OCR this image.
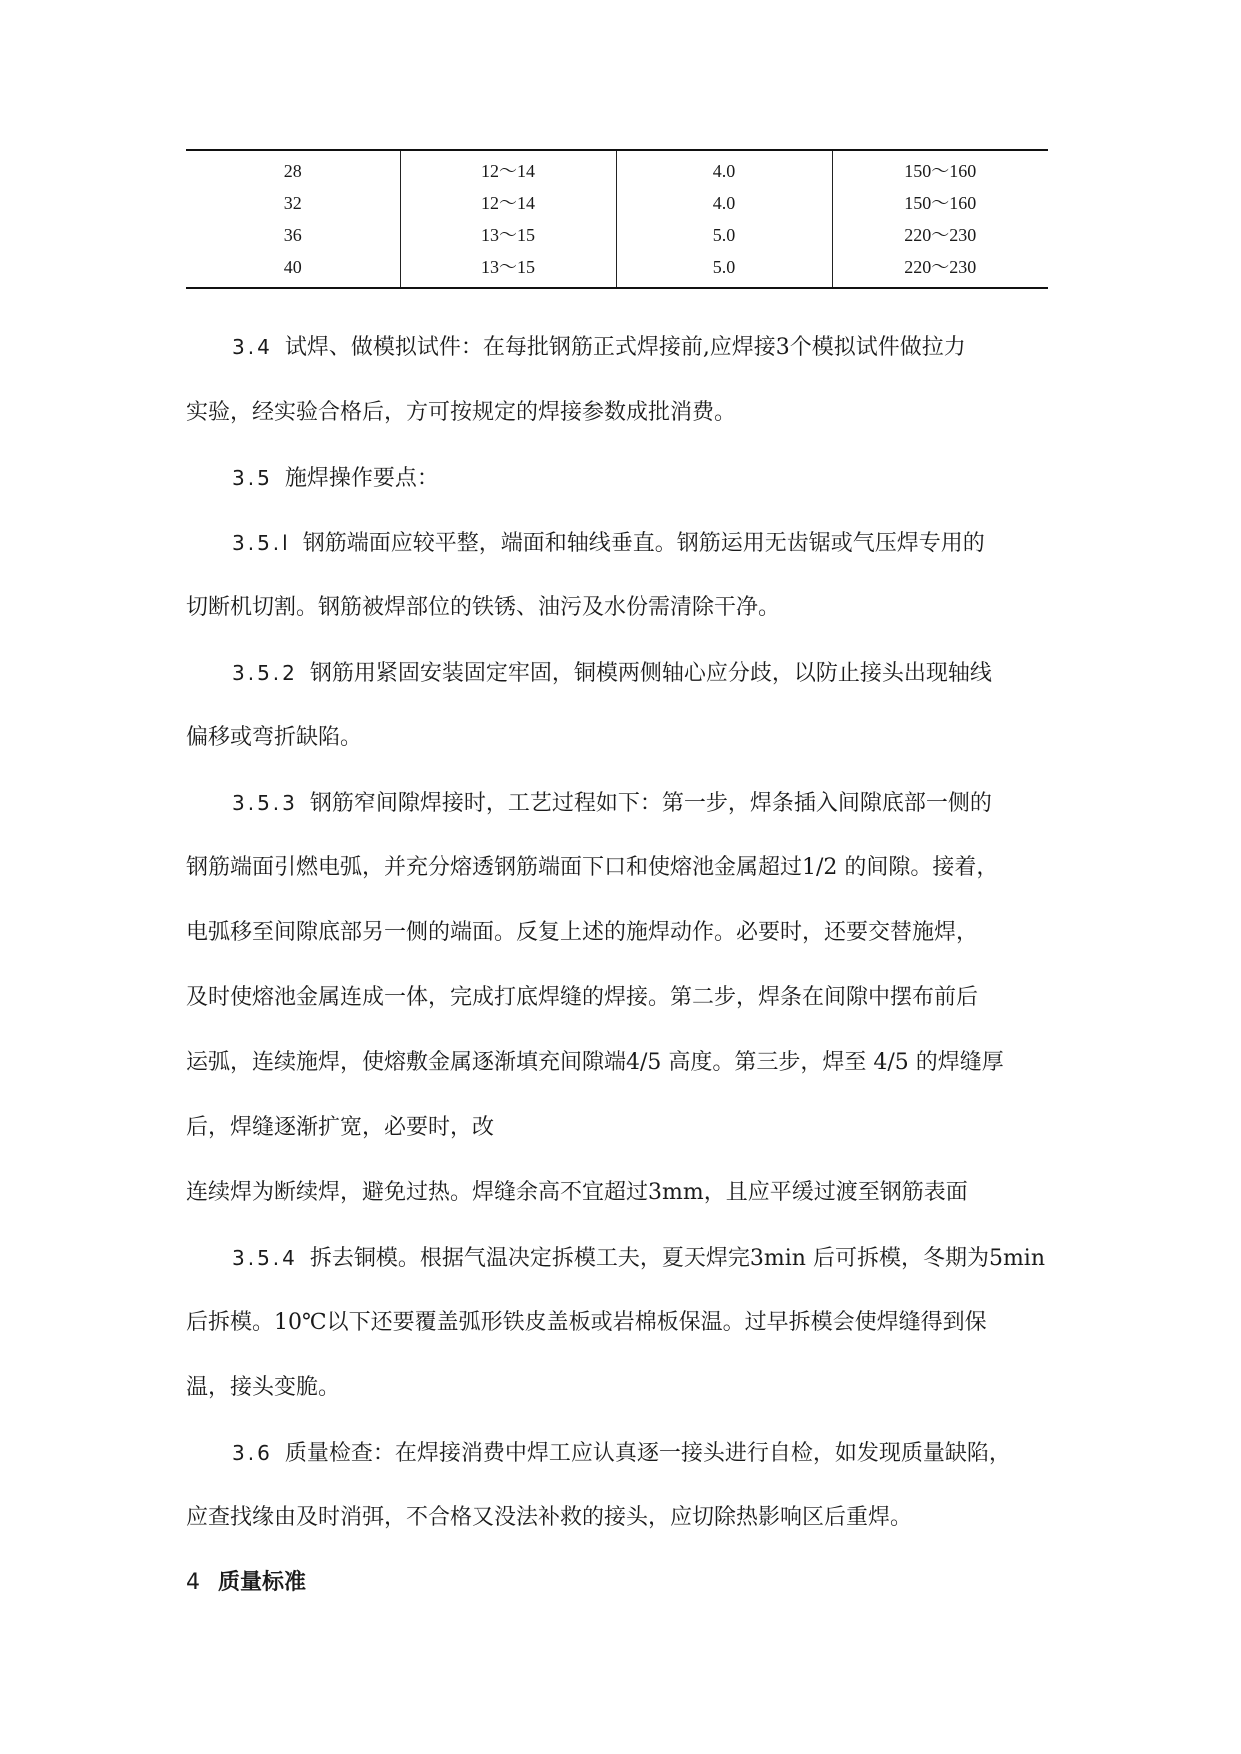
28	12～14	4.0	150～160
32	12～14	4.0	150～160
36	13～15	5.0	220～230
40	13～15	5.0	220～230
3.4 试焊、做模拟试件：在每批钢筋正式焊接前,应焊接3个模拟试件做拉力
实验，经实验合格后，方可按规定的焊接参数成批消费。
3.5 施焊操作要点：
3.5.l 钢筋端面应较平整，端面和轴线垂直。钢筋运用无齿锯或气压焊专用的
切断机切割。钢筋被焊部位的铁锈、油污及水份需清除干净。
3.5.2 钢筋用紧固安装固定牢固，铜模两侧轴心应分歧，以防止接头出现轴线
偏移或弯折缺陷。
3.5.3 钢筋窄间隙焊接时，工艺过程如下：第一步，焊条插入间隙底部一侧的
钢筋端面引燃电弧，并充分熔透钢筋端面下口和使熔池金属超过1/2 的间隙。接着，
电弧移至间隙底部另一侧的端面。反复上述的施焊动作。必要时，还要交替施焊，
及时使熔池金属连成一体，完成打底焊缝的焊接。第二步，焊条在间隙中摆布前后
运弧，连续施焊，使熔敷金属逐渐填充间隙端4/5 高度。第三步，焊至 4/5 的焊缝厚
后，焊缝逐渐扩宽，必要时，改
连续焊为断续焊，避免过热。焊缝余高不宜超过3mm，且应平缓过渡至钢筋表面
3.5.4 拆去铜模。根据气温决定拆模工夫，夏天焊完3min 后可拆模，冬期为5min
后拆模。10℃以下还要覆盖弧形铁皮盖板或岩棉板保温。过早拆模会使焊缝得到保
温，接头变脆。
3.6 质量检查：在焊接消费中焊工应认真逐一接头进行自检，如发现质量缺陷，
应查找缘由及时消弭，不合格又没法补救的接头，应切除热影响区后重焊。
4 质量标准
